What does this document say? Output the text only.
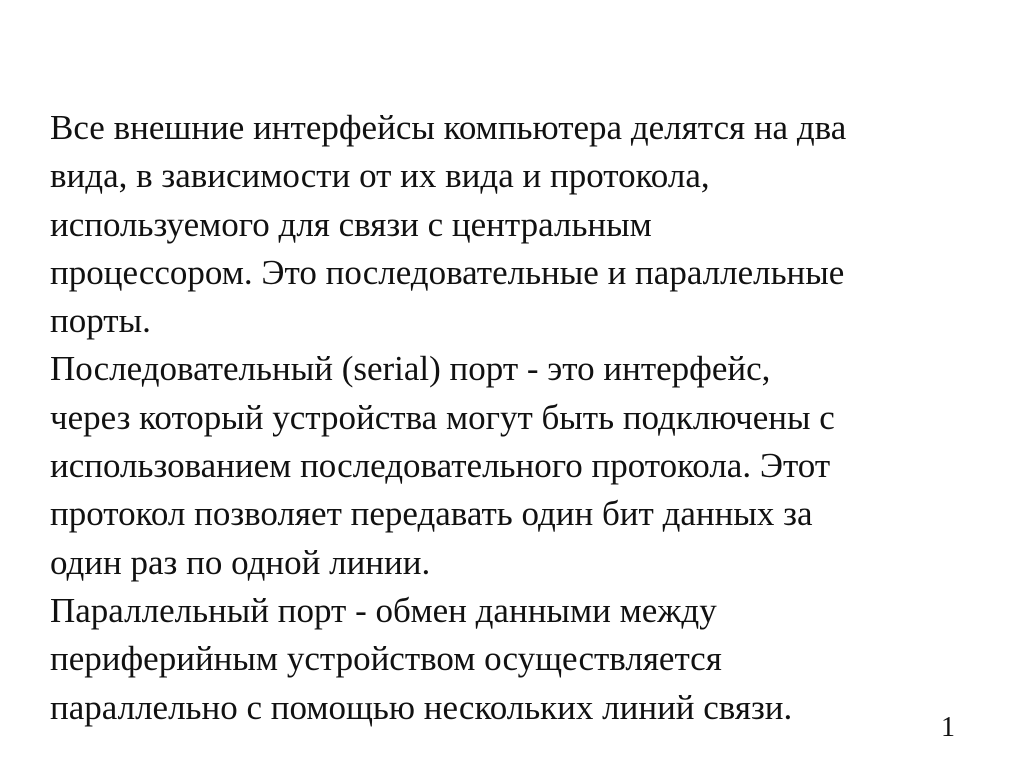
Все внешние интерфейсы компьютера делятся на два
вида, в зависимости от их вида и протокола,
используемого для связи с центральным
процессором. Это последовательные и параллельные
порты.
Последовательный (serial) порт - это интерфейс,
через который устройства могут быть подключены с
использованием последовательного протокола. Этот
протокол позволяет передавать один бит данных за
один раз по одной линии.
Параллельный порт - обмен данными между
периферийным устройством осуществляется
параллельно с помощью нескольких линий связи.
1
